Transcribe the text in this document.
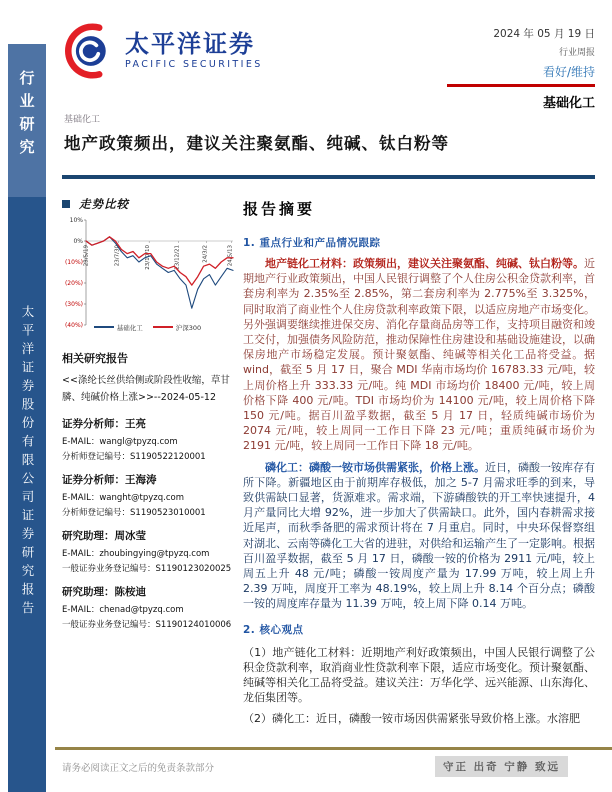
行业研究
太平洋证券股份有限公司证券研究报告
太平洋证券
PACIFIC SECURITIES
2024 年 05 月 19 日
行业周报
看好/维持
基础化工
基础化工
地产政策频出，建议关注聚氨酯、纯碱、钛白粉等
走势比较
10%
0%
(10%)
(20%)
(30%)
(40%)
23/5/19	23/7/30	23/10/10	23/12/21	24/3/2	24/5/13
基础化工	沪深300
相关研究报告
<<涤纶长丝供给侧或阶段性收缩，草甘膦、纯碱价格上涨>>--2024-05-12
证券分析师：王亮
E-MAIL：wangl@tpyzq.com
分析师登记编号：S1190522120001
证券分析师：王海涛
E-MAIL：wanght@tpyzq.com
分析师登记编号：S1190523010001
研究助理：周冰莹
E-MAIL：zhoubingying@tpyzq.com
一般证券业务登记编号：S1190123020025
研究助理：陈桉迪
E-MAIL：chenad@tpyzq.com
一般证券业务登记编号：S1190124010006
报告摘要
1. 重点行业和产品情况跟踪
地产链化工材料：政策频出，建议关注聚氨酯、纯碱、钛白粉等。近期地产行业政策频出，中国人民银行调整了个人住房公积金贷款利率，首套房利率为 2.35%至 2.85%，第二套房利率为 2.775%至 3.325%，同时取消了商业性个人住房贷款利率政策下限，以适应房地产市场变化。另外强调要继续推进保交房、消化存量商品房等工作，支持项目融资和竣工交付，加强债务风险防范，推动保障性住房建设和基础设施建设，以确保房地产市场稳定发展。预计聚氨酯、纯碱等相关化工品将受益。据 wind，截至 5 月 17 日，聚合 MDI 华南市场均价 16783.33 元/吨，较上周价格上升 333.33 元/吨。纯 MDI 市场均价 18400 元/吨，较上周价格下降 400 元/吨。TDI 市场均价为 14100 元/吨，较上周价格下降 150 元/吨。据百川盈孚数据，截至 5 月 17 日，轻质纯碱市场价为 2074 元/吨，较上周同一工作日下降 23 元/吨；重质纯碱市场价为 2191 元/吨，较上周同一工作日下降 18 元/吨。
磷化工：磷酸一铵市场供需紧张，价格上涨。近日，磷酸一铵库存有所下降。新疆地区由于前期库存极低，加之 5-7 月需求旺季的到来，导致供需缺口显著，货源难求。需求端，下游磷酸铁的开工率快速提升，4 月产量同比大增 92%，进一步加大了供需缺口。此外，国内春耕需求接近尾声，而秋季备肥的需求预计将在 7 月重启。同时，中央环保督察组对湖北、云南等磷化工大省的进驻，对供给和运输产生了一定影响。根据百川盈孚数据，截至 5 月 17 日，磷酸一铵的价格为 2911 元/吨，较上周五上升 48 元/吨；磷酸一铵周度产量为 17.99 万吨，较上周上升 2.39 万吨，周度开工率为 48.19%，较上周上升 8.14 个百分点；磷酸一铵的周度库存量为 11.39 万吨，较上周下降 0.14 万吨。
2. 核心观点
（1）地产链化工材料：近期地产利好政策频出，中国人民银行调整了公积金贷款利率，取消商业性贷款利率下限，适应市场变化。预计聚氨酯、纯碱等相关化工品将受益。建议关注：万华化学、远兴能源、山东海化、龙佰集团等。
（2）磷化工：近日，磷酸一铵市场因供需紧张导致价格上涨。水溶肥
请务必阅读正文之后的免责条款部分	守正 出奇 宁静 致远
